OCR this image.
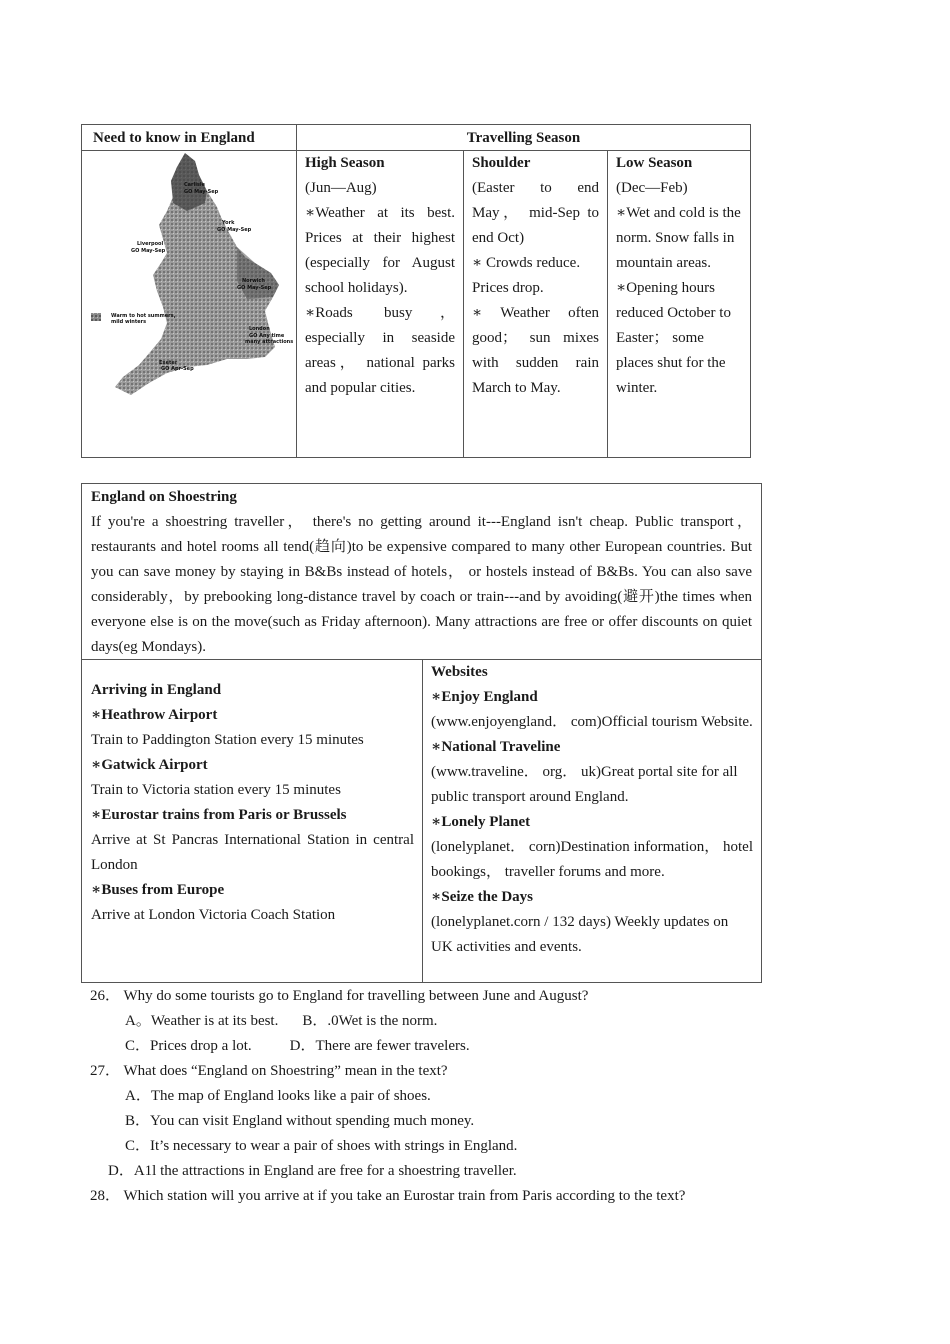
Need to know in England	Travelling Season
Carlisle
GO May-Sep
York
GO May-Sep
Liverpool
GO May-Sep
Norwich
GO May-Sep
London
GO Any time
many attractions
Exeter
GO Apr-Sep
Warm to hot summers,
mild winters
High Season
(Jun—Aug)
∗Weather at its best. Prices at their highest (especially for August school holidays).
∗Roads busy， especially in seaside areas， national parks and popular cities.
Shoulder
(Easter to end May， mid-Sep to end Oct)
∗ Crowds reduce.
Prices drop.
∗ Weather often good； sun mixes with sudden rain March to May.
Low Season
(Dec—Feb)
∗Wet and cold is the norm. Snow falls in mountain areas.
∗Opening hours reduced October to Easter； some places shut for the winter.
England on Shoestring
If you're a shoestring traveller， there's no getting around it---England isn't cheap. Public transport， restaurants and hotel rooms all tend(趋向)to be expensive compared to many other European countries. But you can save money by staying in B&Bs instead of hotels， or hostels instead of B&Bs. You can also save considerably，by prebooking long-distance travel by coach or train---and by avoiding(避开)the times when everyone else is on the move(such as Friday afternoon). Many attractions are free or offer discounts on quiet days(eg Mondays).
Arriving in England
∗ Heathrow Airport
Train to Paddington Station every 15 minutes
∗ Gatwick Airport
Train to Victoria station every 15 minutes
∗ Eurostar trains from Paris or Brussels
Arrive at St Pancras International Station in central London
∗ Buses from Europe
Arrive at London Victoria Coach Station
Websites
∗ Enjoy England
(www.enjoyengland． com)Official tourism Website.
∗ National Traveline
(www.traveline． org． uk)Great portal site for all public transport around England.
∗ Lonely Planet
(lonelyplanet． corn)Destination information， hotel bookings， traveller forums and more.
∗ Seize the Days
(lonelyplanet.corn / 132 days) Weekly updates on UK activities and events.
26． Why do some tourists go to England for travelling between June and August?
A。Weather is at its best. B．.0Wet is the norm.
C．Prices drop a lot.	D．There are fewer travelers.
27． What does “England on Shoestring” mean in the text?
A．The map of England looks like a pair of shoes.
B．You can visit England without spending much money.
C．It’s necessary to wear a pair of shoes with strings in England.
D．A1l the attractions in England are free for a shoestring traveller.
28． Which station will you arrive at if you take an Eurostar train from Paris according to the text?
